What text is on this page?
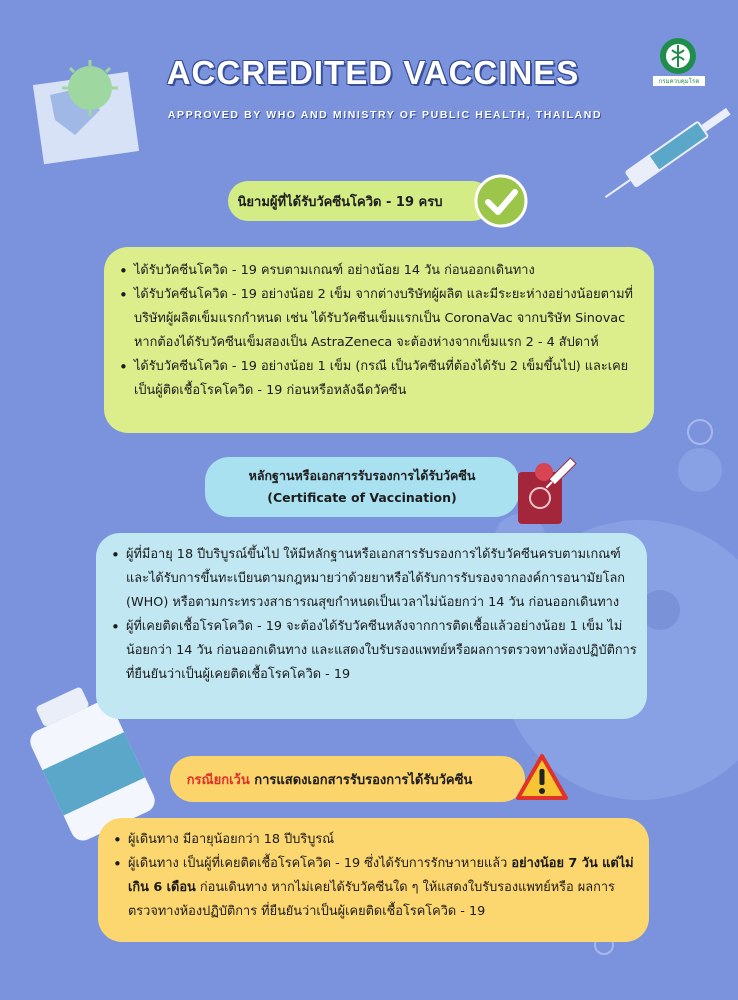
กรมควบคุมโรค
ACCREDITED VACCINES
APPROVED BY WHO AND MINISTRY OF PUBLIC HEALTH, THAILAND
นิยามผู้ที่ได้รับวัคซีนโควิด - 19 ครบ
• ได้รับวัคซีนโควิด - 19 ครบตามเกณฑ์ อย่างน้อย 14 วัน ก่อนออกเดินทาง
• ได้รับวัคซีนโควิด - 19 อย่างน้อย 2 เข็ม จากต่างบริษัทผู้ผลิต และมีระยะห่างอย่างน้อยตามที่บริษัทผู้ผลิตเข็มแรกกำหนด เช่น ได้รับวัคซีนเข็มแรกเป็น CoronaVac จากบริษัท Sinovac หากต้องได้รับวัคซีนเข็มสองเป็น AstraZeneca จะต้องห่างจากเข็มแรก 2 - 4 สัปดาห์
• ได้รับวัคซีนโควิด - 19 อย่างน้อย 1 เข็ม (กรณี เป็นวัคซีนที่ต้องได้รับ 2 เข็มขึ้นไป) และเคยเป็นผู้ติดเชื้อโรคโควิด - 19 ก่อนหรือหลังฉีดวัคซีน
หลักฐานหรือเอกสารรับรองการได้รับวัคซีน
(Certificate of Vaccination)
• ผู้ที่มีอายุ 18 ปีบริบูรณ์ขึ้นไป ให้มีหลักฐานหรือเอกสารรับรองการได้รับวัคซีนครบตามเกณฑ์ และได้รับการขึ้นทะเบียนตามกฎหมายว่าด้วยยาหรือได้รับการรับรองจากองค์การอนามัยโลก (WHO) หรือตามกระทรวงสาธารณสุขกำหนดเป็นเวลาไม่น้อยกว่า 14 วัน ก่อนออกเดินทาง
• ผู้ที่เคยติดเชื้อโรคโควิด - 19 จะต้องได้รับวัคซีนหลังจากการติดเชื้อแล้วอย่างน้อย 1 เข็ม ไม่น้อยกว่า 14 วัน ก่อนออกเดินทาง และแสดงใบรับรองแพทย์หรือผลการตรวจทางห้องปฏิบัติการ ที่ยืนยันว่าเป็นผู้เคยติดเชื้อโรคโควิด - 19
กรณียกเว้น การแสดงเอกสารรับรองการได้รับวัคซีน
• ผู้เดินทาง มีอายุน้อยกว่า 18 ปีบริบูรณ์
• ผู้เดินทาง เป็นผู้ที่เคยติดเชื้อโรคโควิด - 19 ซึ่งได้รับการรักษาหายแล้ว อย่างน้อย 7 วัน แต่ไม่เกิน 6 เดือน ก่อนเดินทาง หากไม่เคยได้รับวัคซีนใด ๆ ให้แสดงใบรับรองแพทย์หรือ ผลการตรวจทางห้องปฏิบัติการ ที่ยืนยันว่าเป็นผู้เคยติดเชื้อโรคโควิด - 19
